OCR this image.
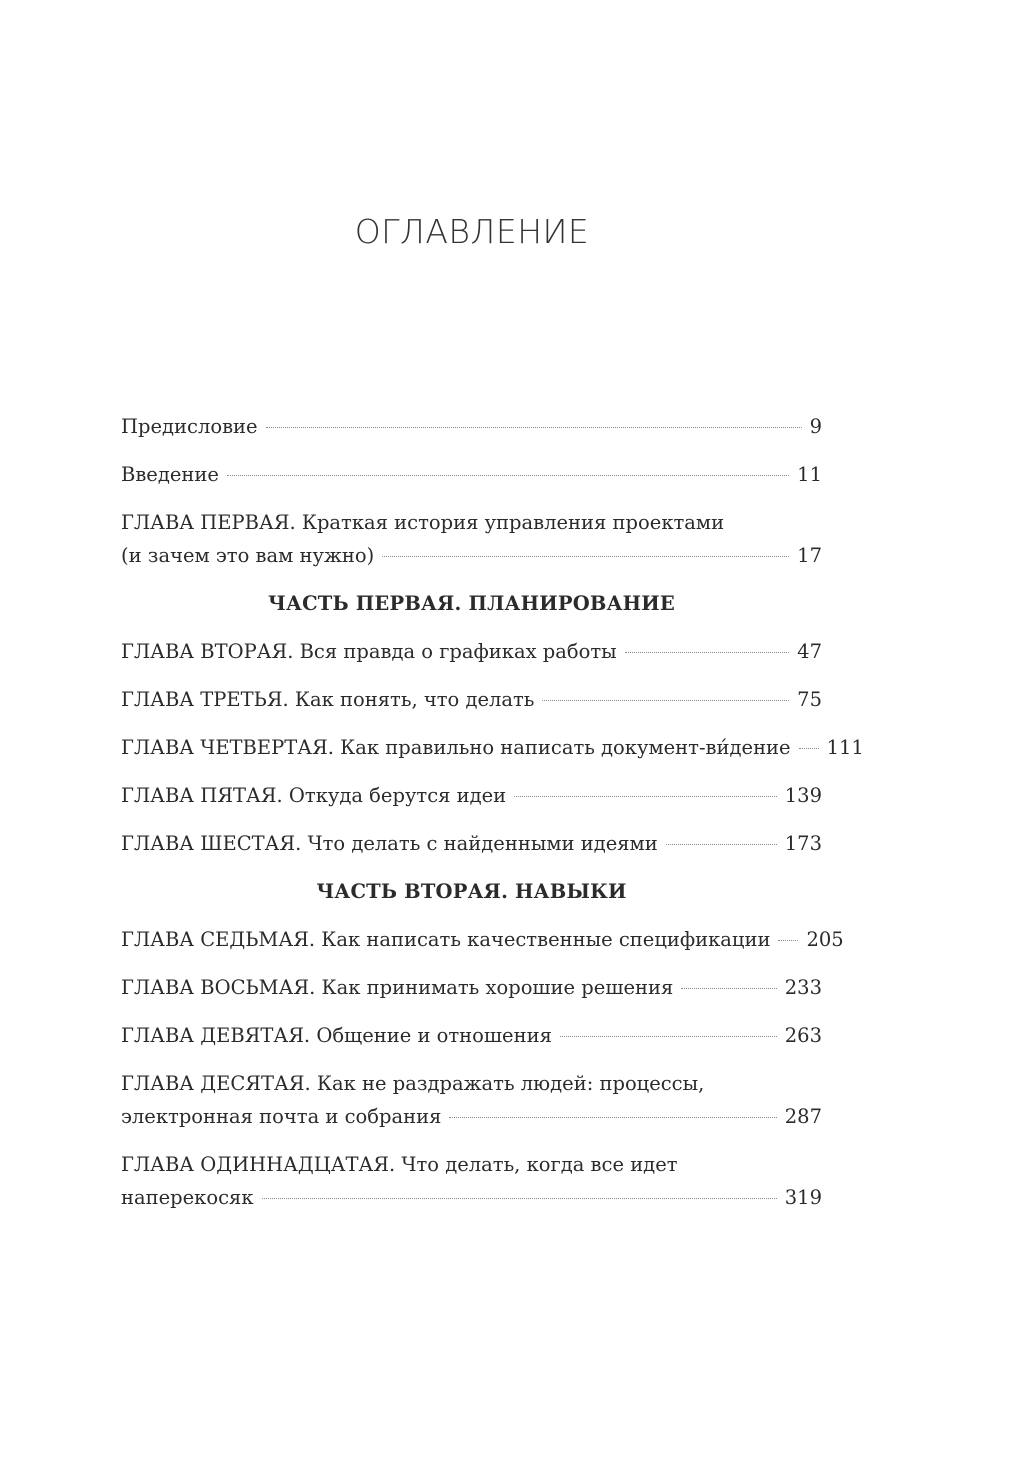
ОГЛАВЛЕНИЕ
Предисловие	9
Введение	11
ГЛАВА ПЕРВАЯ. Краткая история управления проектами
(и зачем это вам нужно)	17
ЧАСТЬ ПЕРВАЯ. ПЛАНИРОВАНИЕ
ГЛАВА ВТОРАЯ. Вся правда о графиках работы	47
ГЛАВА ТРЕТЬЯ. Как понять, что делать	75
ГЛАВА ЧЕТВЕРТАЯ. Как правильно написать документ-ви́дение 111
ГЛАВА ПЯТАЯ. Откуда берутся идеи	139
ГЛАВА ШЕСТАЯ. Что делать с найденными идеями	173
ЧАСТЬ ВТОРАЯ. НАВЫКИ
ГЛАВА СЕДЬМАЯ. Как написать качественные спецификации 205
ГЛАВА ВОСЬМАЯ. Как принимать хорошие решения	233
ГЛАВА ДЕВЯТАЯ. Общение и отношения	263
ГЛАВА ДЕСЯТАЯ. Как не раздражать людей: процессы,
электронная почта и собрания	287
ГЛАВА ОДИННАДЦАТАЯ. Что делать, когда все идет
наперекосяк	319
